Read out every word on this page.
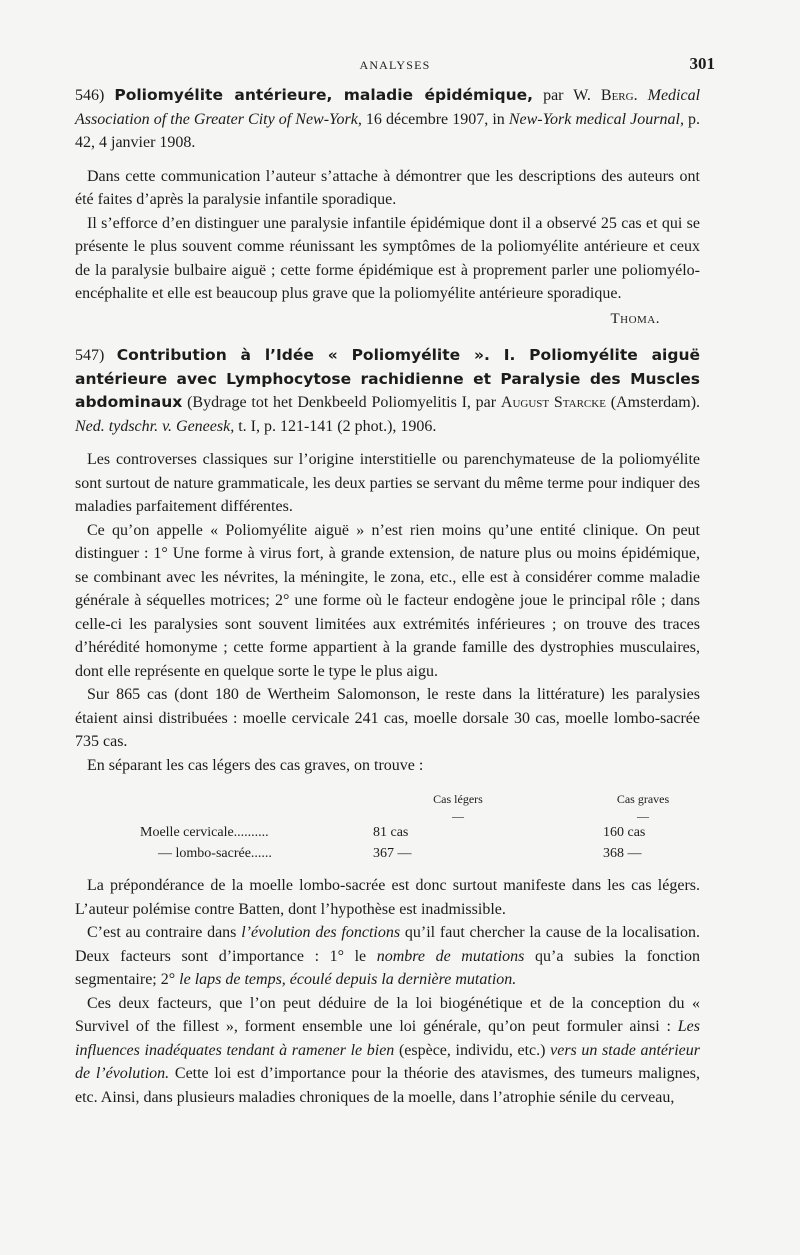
ANALYSES	301

546) Poliomyélite antérieure, maladie épidémique, par W. Berg. Medical Association of the Greater City of New-York, 16 décembre 1907, in New-York medical Journal, p. 42, 4 janvier 1908.

Dans cette communication l’auteur s’attache à démontrer que les descriptions des auteurs ont été faites d’après la paralysie infantile sporadique.

Il s’efforce d’en distinguer une paralysie infantile épidémique dont il a observé 25 cas et qui se présente le plus souvent comme réunissant les symptômes de la poliomyélite antérieure et ceux de la paralysie bulbaire aiguë ; cette forme épidémique est à proprement parler une poliomyélo-encéphalite et elle est beaucoup plus grave que la poliomyélite antérieure sporadique.

Thoma.

547) Contribution à l’Idée « Poliomyélite ». I. Poliomyélite aiguë antérieure avec Lymphocytose rachidienne et Paralysie des Muscles abdominaux (Bydrage tot het Denkbeeld Poliomyelitis I, par August Starcke (Amsterdam). Ned. tydschr. v. Geneesk, t. I, p. 121-141 (2 phot.), 1906.

Les controverses classiques sur l’origine interstitielle ou parenchymateuse de la poliomyélite sont surtout de nature grammaticale, les deux parties se servant du même terme pour indiquer des maladies parfaitement différentes.

Ce qu’on appelle « Poliomyélite aiguë » n’est rien moins qu’une entité clinique. On peut distinguer : 1° Une forme à virus fort, à grande extension, de nature plus ou moins épidémique, se combinant avec les névrites, la méningite, le zona, etc., elle est à considérer comme maladie générale à séquelles motrices; 2° une forme où le facteur endogène joue le principal rôle ; dans celle-ci les paralysies sont souvent limitées aux extrémités inférieures ; on trouve des traces d’hérédité homonyme ; cette forme appartient à la grande famille des dystrophies musculaires, dont elle représente en quelque sorte le type le plus aigu.

Sur 865 cas (dont 180 de Wertheim Salomonson, le reste dans la littérature) les paralysies étaient ainsi distribuées : moelle cervicale 241 cas, moelle dorsale 30 cas, moelle lombo-sacrée 735 cas.

En séparant les cas légers des cas graves, on trouve :

	Cas légers		Cas graves
	—		—
Moelle cervicale..........	81 cas		160 cas
— lombo-sacrée......	367 —		368 —

La prépondérance de la moelle lombo-sacrée est donc surtout manifeste dans les cas légers. L’auteur polémise contre Batten, dont l’hypothèse est inadmissible.

C’est au contraire dans l’évolution des fonctions qu’il faut chercher la cause de la localisation. Deux facteurs sont d’importance : 1° le nombre de mutations qu’a subies la fonction segmentaire; 2° le laps de temps, écoulé depuis la dernière mutation.

Ces deux facteurs, que l’on peut déduire de la loi biogénétique et de la conception du « Survivel of the fillest », forment ensemble une loi générale, qu’on peut formuler ainsi : Les influences inadéquates tendant à ramener le bien (espèce, individu, etc.) vers un stade antérieur de l’évolution. Cette loi est d’importance pour la théorie des atavismes, des tumeurs malignes, etc. Ainsi, dans plusieurs maladies chroniques de la moelle, dans l’atrophie sénile du cerveau,
